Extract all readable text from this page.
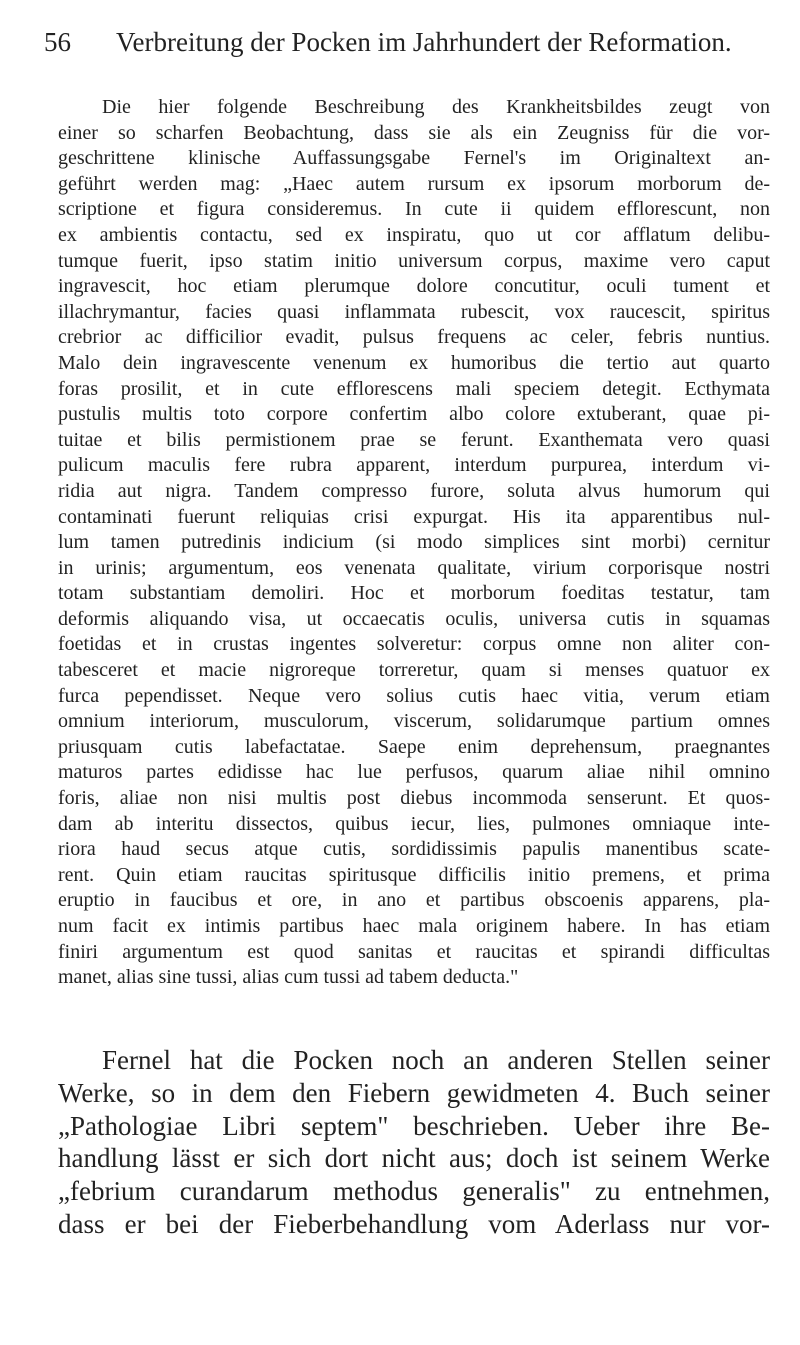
56 Verbreitung der Pocken im Jahrhundert der Reformation.
Die hier folgende Beschreibung des Krankheitsbildes zeugt von
einer so scharfen Beobachtung, dass sie als ein Zeugniss für die vor-
geschrittene klinische Auffassungsgabe Fernel's im Originaltext an-
geführt werden mag: „Haec autem rursum ex ipsorum morborum de-
scriptione et figura consideremus. In cute ii quidem efflorescunt, non
ex ambientis contactu, sed ex inspiratu, quo ut cor afflatum delibu-
tumque fuerit, ipso statim initio universum corpus, maxime vero caput
ingravescit, hoc etiam plerumque dolore concutitur, oculi tument et
illachrymantur, facies quasi inflammata rubescit, vox raucescit, spiritus
crebrior ac difficilior evadit, pulsus frequens ac celer, febris nuntius.
Malo dein ingravescente venenum ex humoribus die tertio aut quarto
foras prosilit, et in cute efflorescens mali speciem detegit. Ecthymata
pustulis multis toto corpore confertim albo colore extuberant, quae pi-
tuitae et bilis permistionem prae se ferunt. Exanthemata vero quasi
pulicum maculis fere rubra apparent, interdum purpurea, interdum vi-
ridia aut nigra. Tandem compresso furore, soluta alvus humorum qui
contaminati fuerunt reliquias crisi expurgat. His ita apparentibus nul-
lum tamen putredinis indicium (si modo simplices sint morbi) cernitur
in urinis; argumentum, eos venenata qualitate, virium corporisque nostri
totam substantiam demoliri. Hoc et morborum foeditas testatur, tam
deformis aliquando visa, ut occaecatis oculis, universa cutis in squamas
foetidas et in crustas ingentes solveretur: corpus omne non aliter con-
tabesceret et macie nigroreque torreretur, quam si menses quatuor ex
furca pependisset. Neque vero solius cutis haec vitia, verum etiam
omnium interiorum, musculorum, viscerum, solidarumque partium omnes
priusquam cutis labefactatae. Saepe enim deprehensum, praegnantes
maturos partes edidisse hac lue perfusos, quarum aliae nihil omnino
foris, aliae non nisi multis post diebus incommoda senserunt. Et quos-
dam ab interitu dissectos, quibus iecur, lies, pulmones omniaque inte-
riora haud secus atque cutis, sordidissimis papulis manentibus scate-
rent. Quin etiam raucitas spiritusque difficilis initio premens, et prima
eruptio in faucibus et ore, in ano et partibus obscoenis apparens, pla-
num facit ex intimis partibus haec mala originem habere. In has etiam
finiri argumentum est quod sanitas et raucitas et spirandi difficultas
manet, alias sine tussi, alias cum tussi ad tabem deducta."
Fernel hat die Pocken noch an anderen Stellen seiner
Werke, so in dem den Fiebern gewidmeten 4. Buch seiner
„Pathologiae Libri septem" beschrieben. Ueber ihre Be-
handlung lässt er sich dort nicht aus; doch ist seinem Werke
„febrium curandarum methodus generalis" zu entnehmen,
dass er bei der Fieberbehandlung vom Aderlass nur vor-
